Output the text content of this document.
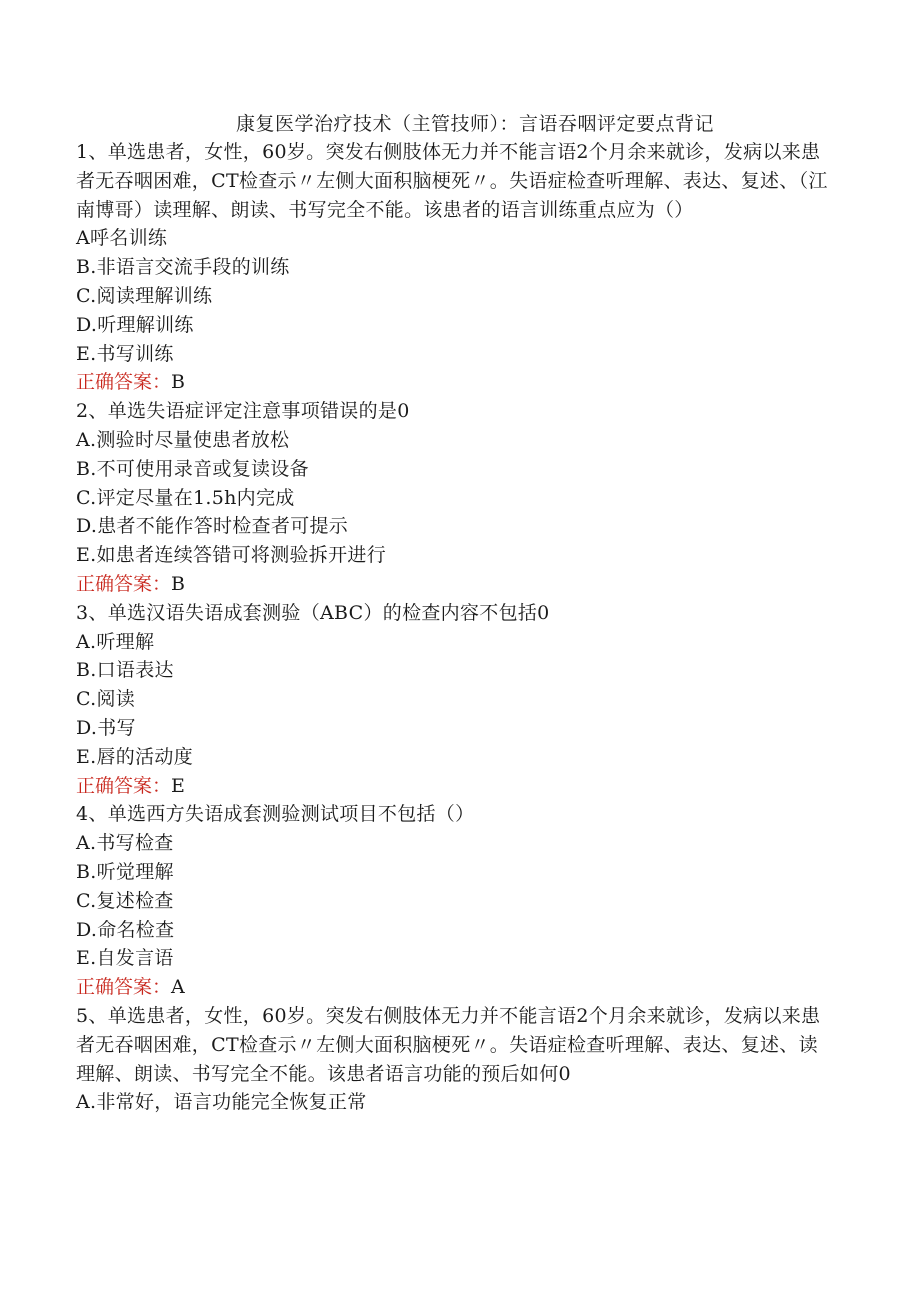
康复医学治疗技术（主管技师）：言语吞咽评定要点背记

1、单选患者，女性，60岁。突发右侧肢体无力并不能言语2个月余来就诊，发病以来患者无吞咽困难，CT检查示〃左侧大面积脑梗死〃。失语症检查听理解、表达、复述、（江南博哥）读理解、朗读、书写完全不能。该患者的语言训练重点应为（）

A呼名训练

B.非语言交流手段的训练

C.阅读理解训练

D.听理解训练

E.书写训练

正确答案：B

2、单选失语症评定注意事项错误的是0

A.测验时尽量使患者放松

B.不可使用录音或复读设备

C.评定尽量在1.5h内完成

D.患者不能作答时检查者可提示

E.如患者连续答错可将测验拆开进行

正确答案：B

3、单选汉语失语成套测验（ABC）的检查内容不包括0

A.听理解

B.口语表达

C.阅读

D.书写

E.唇的活动度

正确答案：E

4、单选西方失语成套测验测试项目不包括（）

A.书写检查

B.听觉理解

C.复述检查

D.命名检查

E.自发言语

正确答案：A

5、单选患者，女性，60岁。突发右侧肢体无力并不能言语2个月余来就诊，发病以来患者无吞咽困难，CT检查示〃左侧大面积脑梗死〃。失语症检查听理解、表达、复述、读理解、朗读、书写完全不能。该患者语言功能的预后如何0

A.非常好，语言功能完全恢复正常
